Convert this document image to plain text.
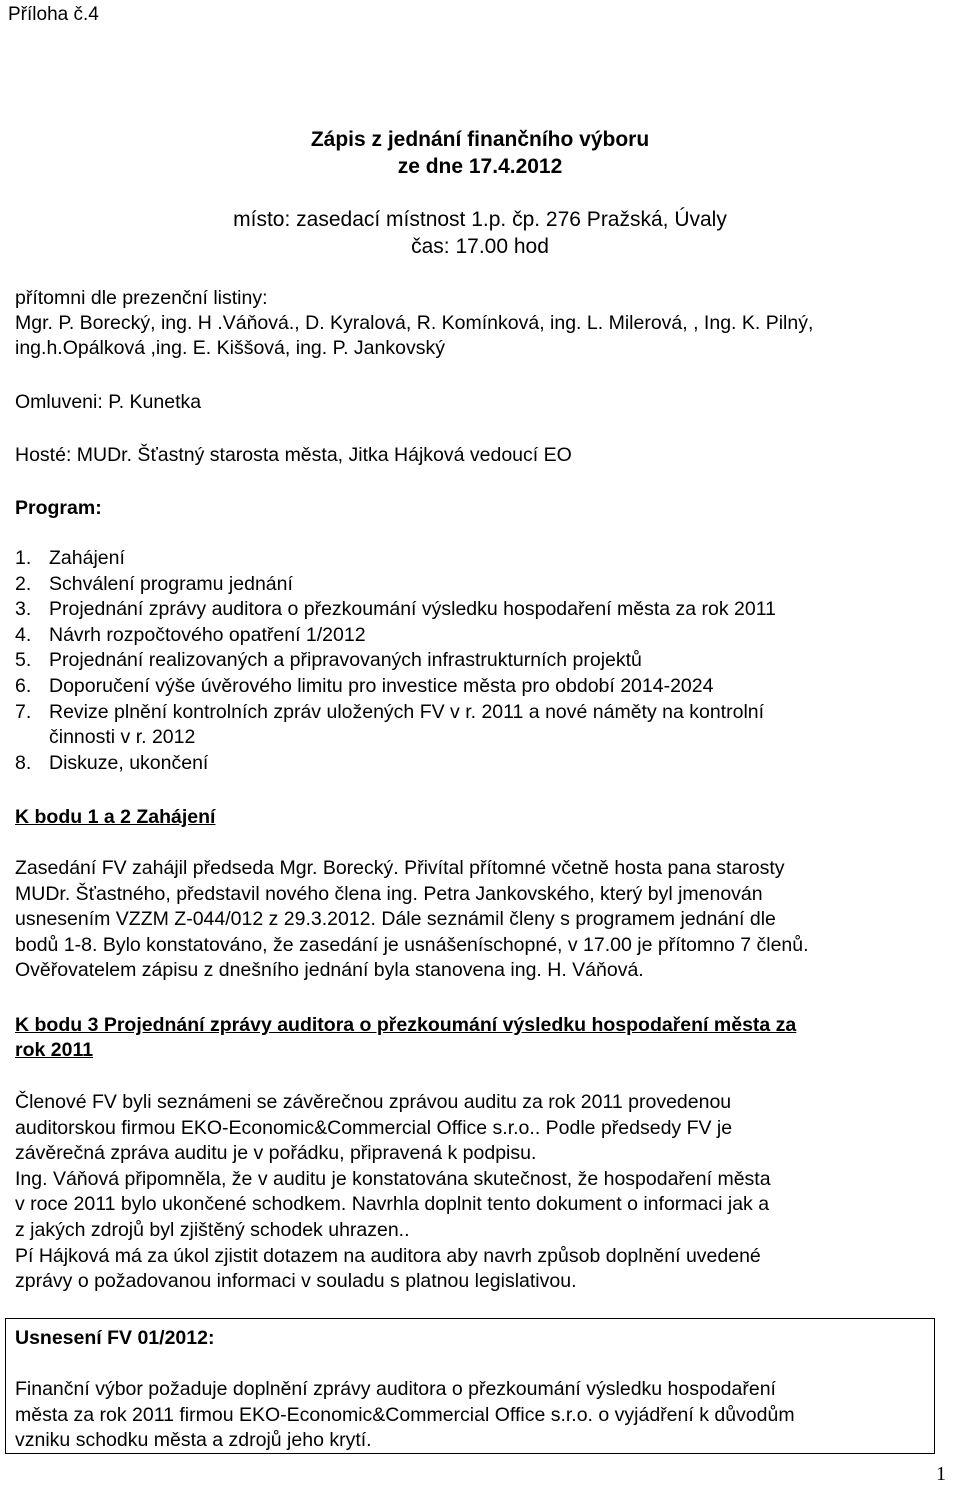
Příloha č.4
Zápis z jednání finančního výboru
ze dne 17.4.2012
místo: zasedací místnost 1.p. čp. 276 Pražská, Úvaly
čas: 17.00 hod
přítomni dle prezenční listiny:
Mgr. P. Borecký, ing. H .Váňová., D. Kyralová, R. Komínková, ing. L. Milerová, , Ing. K. Pilný,
ing.h.Opálková ,ing. E. Kiššová, ing. P. Jankovský
Omluveni: P. Kunetka
Hosté: MUDr. Šťastný starosta města, Jitka Hájková vedoucí EO
Program:
1. Zahájení
2. Schválení programu jednání
3. Projednání zprávy auditora o přezkoumání výsledku hospodaření města za rok 2011
4. Návrh rozpočtového opatření 1/2012
5. Projednání realizovaných a připravovaných infrastrukturních projektů
6. Doporučení výše úvěrového limitu pro investice města pro období 2014-2024
7. Revize plnění kontrolních zpráv uložených FV v r. 2011 a nové náměty na kontrolní
činnosti v r. 2012
8. Diskuze, ukončení
K bodu 1 a 2 Zahájení

Zasedání FV zahájil předseda Mgr. Borecký. Přivítal přítomné včetně hosta pana starosty

MUDr. Šťastného, představil nového člena ing. Petra Jankovského, který byl jmenován

usnesením VZZM Z-044/012 z 29.3.2012. Dále seznámil členy s programem jednání dle

bodů 1-8. Bylo konstatováno, že zasedání je usnášeníschopné, v 17.00 je přítomno 7 členů.

Ověřovatelem zápisu z dnešního jednání byla stanovena ing. H. Váňová.

K bodu 3 Projednání zprávy auditora o přezkoumání výsledku hospodaření města za
rok 2011

Členové FV byli seznámeni se závěrečnou zprávou auditu za rok 2011 provedenou

auditorskou firmou EKO-Economic&Commercial Office s.r.o.. Podle předsedy FV je

závěrečná zpráva auditu je v pořádku, připravená k podpisu.

Ing. Váňová připomněla, že v auditu je konstatována skutečnost, že hospodaření města

v roce 2011 bylo ukončené schodkem. Navrhla doplnit tento dokument o informaci jak a

z jakých zdrojů byl zjištěný schodek uhrazen..

Pí Hájková má za úkol zjistit dotazem na auditora aby navrh způsob doplnění uvedené

zprávy o požadovanou informaci v souladu s platnou legislativou.

Usnesení FV 01/2012:

Finanční výbor požaduje doplnění zprávy auditora o přezkoumání výsledku hospodaření

města za rok 2011 firmou EKO-Economic&Commercial Office s.r.o. o vyjádření k důvodům

vzniku schodku města a zdrojů jeho krytí.

1
